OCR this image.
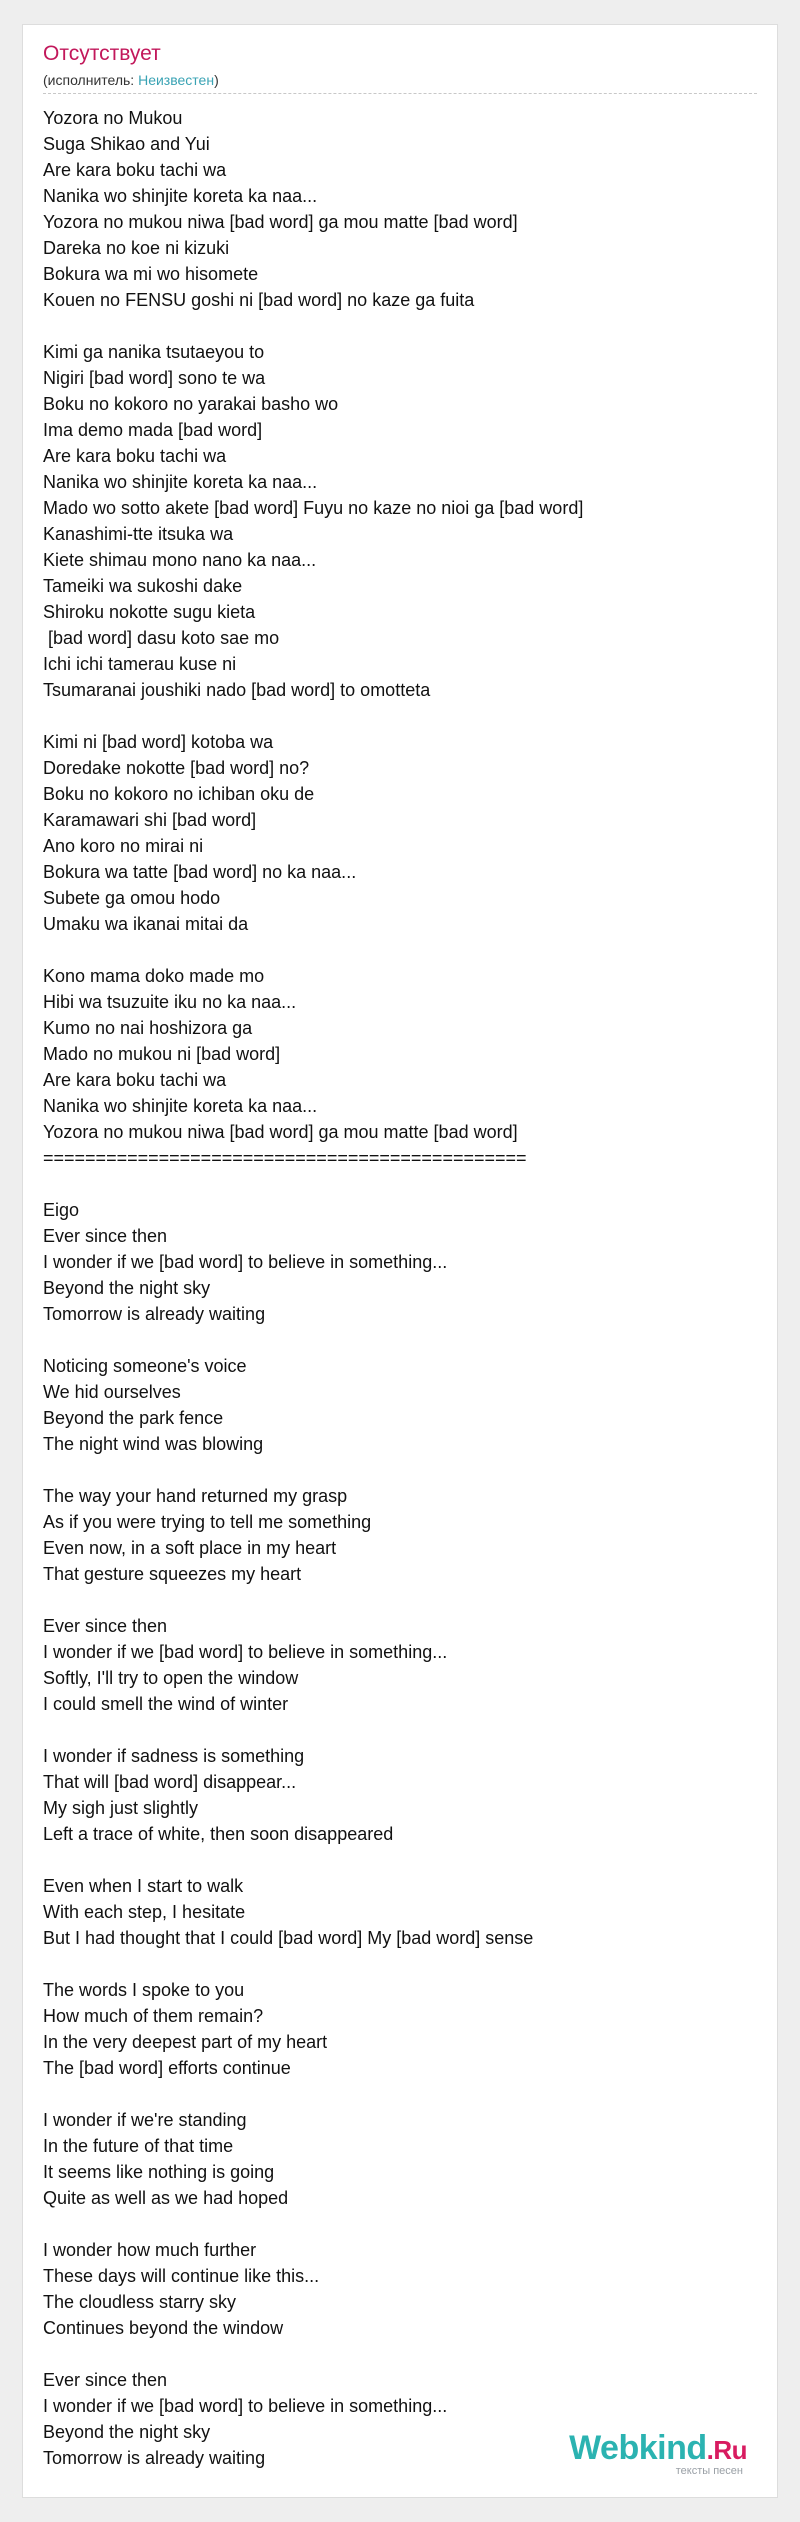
Отсутствует
(исполнитель: Неизвестен)
Yozora no Mukou
Suga Shikao and Yui
Are kara boku tachi wa
Nanika wo shinjite koreta ka naa...
Yozora no mukou niwa [bad word] ga mou matte [bad word]
Dareka no koe ni kizuki
Bokura wa mi wo hisomete
Kouen no FENSU goshi ni [bad word] no kaze ga fuita
Kimi ga nanika tsutaeyou to
Nigiri [bad word] sono te wa
Boku no kokoro no yarakai basho wo
Ima demo mada [bad word]
Are kara boku tachi wa
Nanika wo shinjite koreta ka naa...
Mado wo sotto akete [bad word] Fuyu no kaze no nioi ga [bad word]
Kanashimi-tte itsuka wa
Kiete shimau mono nano ka naa...
Tameiki wa sukoshi dake
Shiroku nokotte sugu kieta
[bad word] dasu koto sae mo
Ichi ichi tamerau kuse ni
Tsumaranai joushiki nado [bad word] to omotteta
Kimi ni [bad word] kotoba wa
Doredake nokotte [bad word] no?
Boku no kokoro no ichiban oku de
Karamawari shi [bad word]
Ano koro no mirai ni
Bokura wa tatte [bad word] no ka naa...
Subete ga omou hodo
Umaku wa ikanai mitai da
Kono mama doko made mo
Hibi wa tsuzuite iku no ka naa...
Kumo no nai hoshizora ga
Mado no mukou ni [bad word]
Are kara boku tachi wa
Nanika wo shinjite koreta ka naa...
Yozora no mukou niwa [bad word] ga mou matte [bad word]
==============================================
Eigo
Ever since then
I wonder if we [bad word] to believe in something...
Beyond the night sky
Tomorrow is already waiting
Noticing someone's voice
We hid ourselves
Beyond the park fence
The night wind was blowing
The way your hand returned my grasp
As if you were trying to tell me something
Even now, in a soft place in my heart
That gesture squeezes my heart
Ever since then
I wonder if we [bad word] to believe in something...
Softly, I'll try to open the window
I could smell the wind of winter
I wonder if sadness is something
That will [bad word] disappear...
My sigh just slightly
Left a trace of white, then soon disappeared
Even when I start to walk
With each step, I hesitate
But I had thought that I could [bad word] My [bad word] sense
The words I spoke to you
How much of them remain?
In the very deepest part of my heart
The [bad word] efforts continue
I wonder if we're standing
In the future of that time
It seems like nothing is going
Quite as well as we had hoped
I wonder how much further
These days will continue like this...
The cloudless starry sky
Continues beyond the window
Ever since then
I wonder if we [bad word] to believe in something...
Beyond the night sky
Tomorrow is already waiting	Webkind.Ru
тексты песен
